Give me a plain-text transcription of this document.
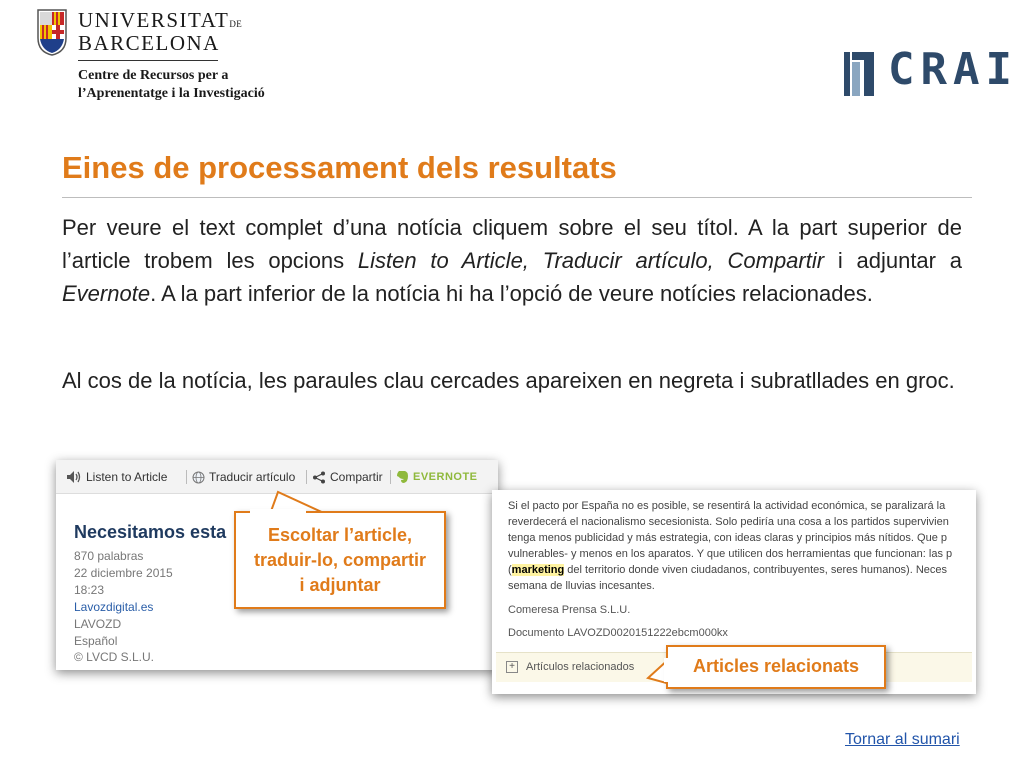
UNIVERSITATDE
BARCELONA
Centre de Recursos per a
l’Aprenentatge i la Investigació	CRAI
Eines de processament dels resultats

Per veure el text complet d’una notícia cliquem sobre el seu títol. A la part superior de l’article trobem les opcions Listen to Article, Traducir artículo, Compartir i adjuntar a Evernote. A la part inferior de la notícia hi ha l’opció de veure notícies relacionades.

Al cos de la notícia, les paraules clau cercades apareixen en negreta i subratllades en groc.

Listen to Article	Traducir artículo	Compartir	EVERNOTE
Necesitamos esta
870 palabras
22 diciembre 2015
18:23
Lavozdigital.es
LAVOZD
Español
© LVCD S.L.U.
Escoltar l’article,
traduir-lo, compartir
i adjuntar
Si el pacto por España no es posible, se resentirá la actividad económica, se paralizará la
reverdecerá el nacionalismo secesionista. Solo pediría una cosa a los partidos supervivien
tenga menos publicidad y más estrategia, con ideas claras y principios más nítidos. Que p
vulnerables- y menos en los aparatos. Y que utilicen dos herramientas que funcionan: las p
(marketing del territorio donde viven ciudadanos, contribuyentes, seres humanos). Neces
semana de lluvias incesantes.
Comeresa Prensa S.L.U.
Documento LAVOZD0020151222ebcm000kx
+ Artículos relacionados	Articles relacionats
Tornar al sumari
